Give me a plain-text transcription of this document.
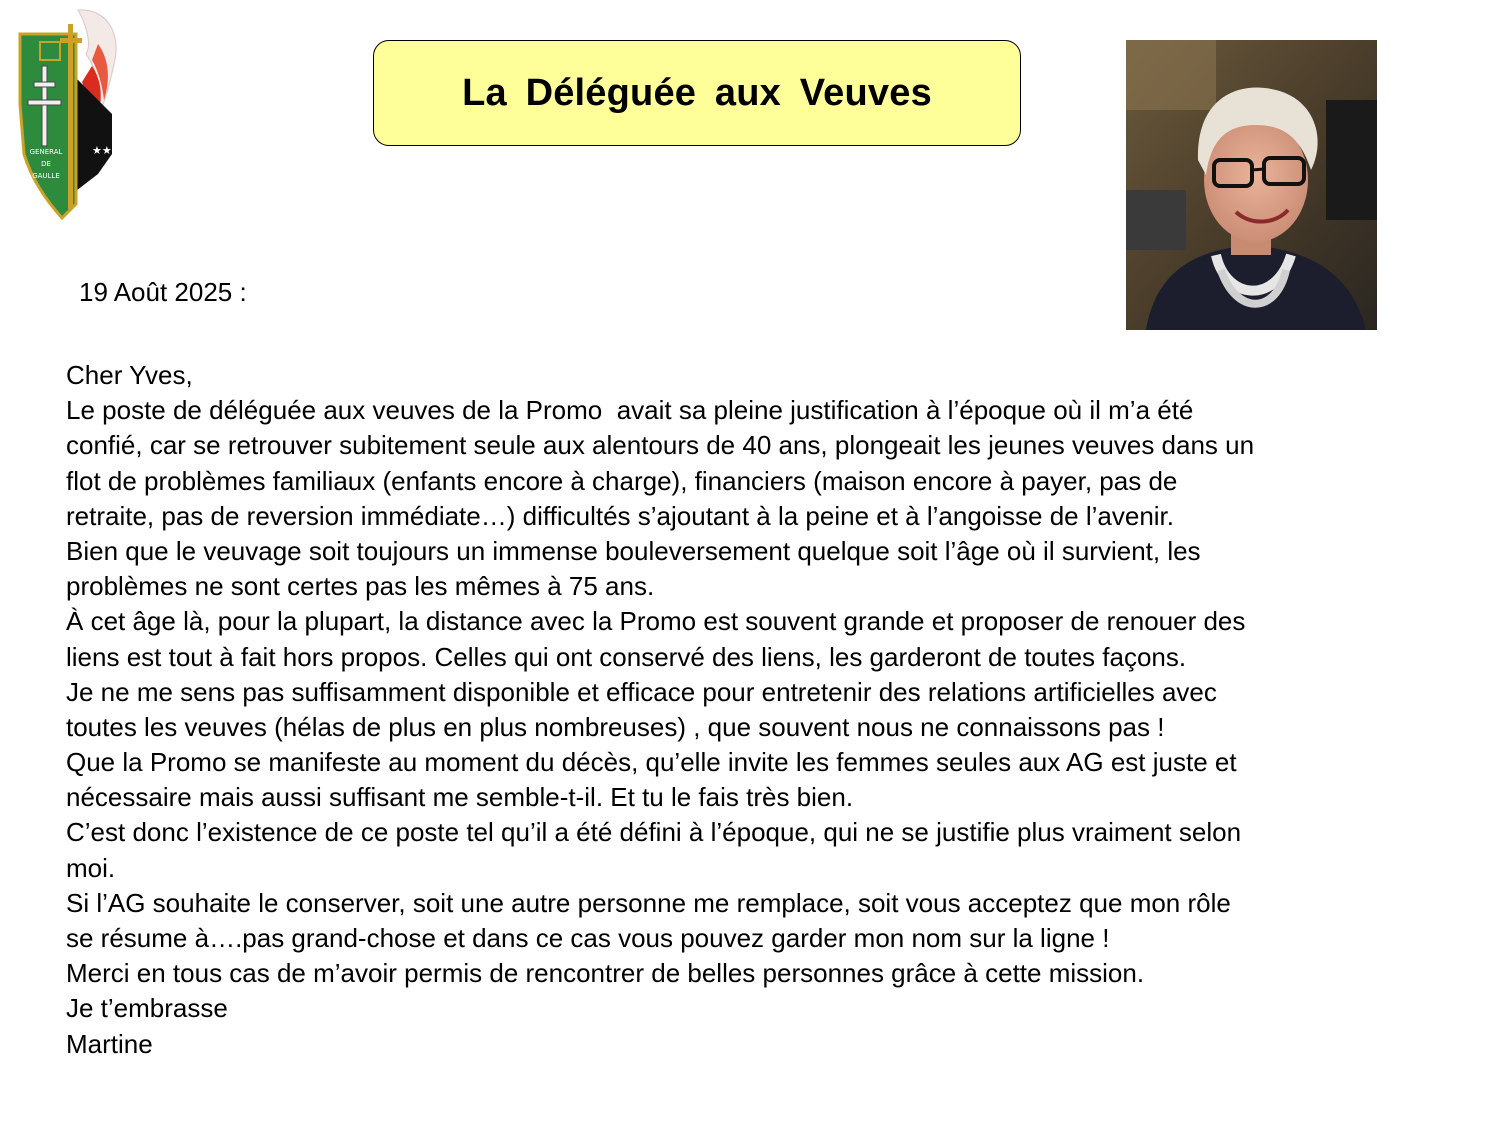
★★
GENERAL
DE
GAULLE
La Déléguée aux Veuves
19 Août 2025 :
Cher Yves,
Le poste de déléguée aux veuves de la Promo  avait sa pleine justification à l’époque où il m’a été
confié, car se retrouver subitement seule aux alentours de 40 ans, plongeait les jeunes veuves dans un
flot de problèmes familiaux (enfants encore à charge), financiers (maison encore à payer, pas de
retraite, pas de reversion immédiate…) difficultés s’ajoutant à la peine et à l’angoisse de l’avenir.
Bien que le veuvage soit toujours un immense bouleversement quelque soit l’âge où il survient, les
problèmes ne sont certes pas les mêmes à 75 ans.
À cet âge là, pour la plupart, la distance avec la Promo est souvent grande et proposer de renouer des
liens est tout à fait hors propos. Celles qui ont conservé des liens, les garderont de toutes façons.
Je ne me sens pas suffisamment disponible et efficace pour entretenir des relations artificielles avec
toutes les veuves (hélas de plus en plus nombreuses) , que souvent nous ne connaissons pas !
Que la Promo se manifeste au moment du décès, qu’elle invite les femmes seules aux AG est juste et
nécessaire mais aussi suffisant me semble-t-il. Et tu le fais très bien.
C’est donc l’existence de ce poste tel qu’il a été défini à l’époque, qui ne se justifie plus vraiment selon
moi.
Si l’AG souhaite le conserver, soit une autre personne me remplace, soit vous acceptez que mon rôle
se résume à….pas grand-chose et dans ce cas vous pouvez garder mon nom sur la ligne !
Merci en tous cas de m’avoir permis de rencontrer de belles personnes grâce à cette mission.
Je t’embrasse
Martine
